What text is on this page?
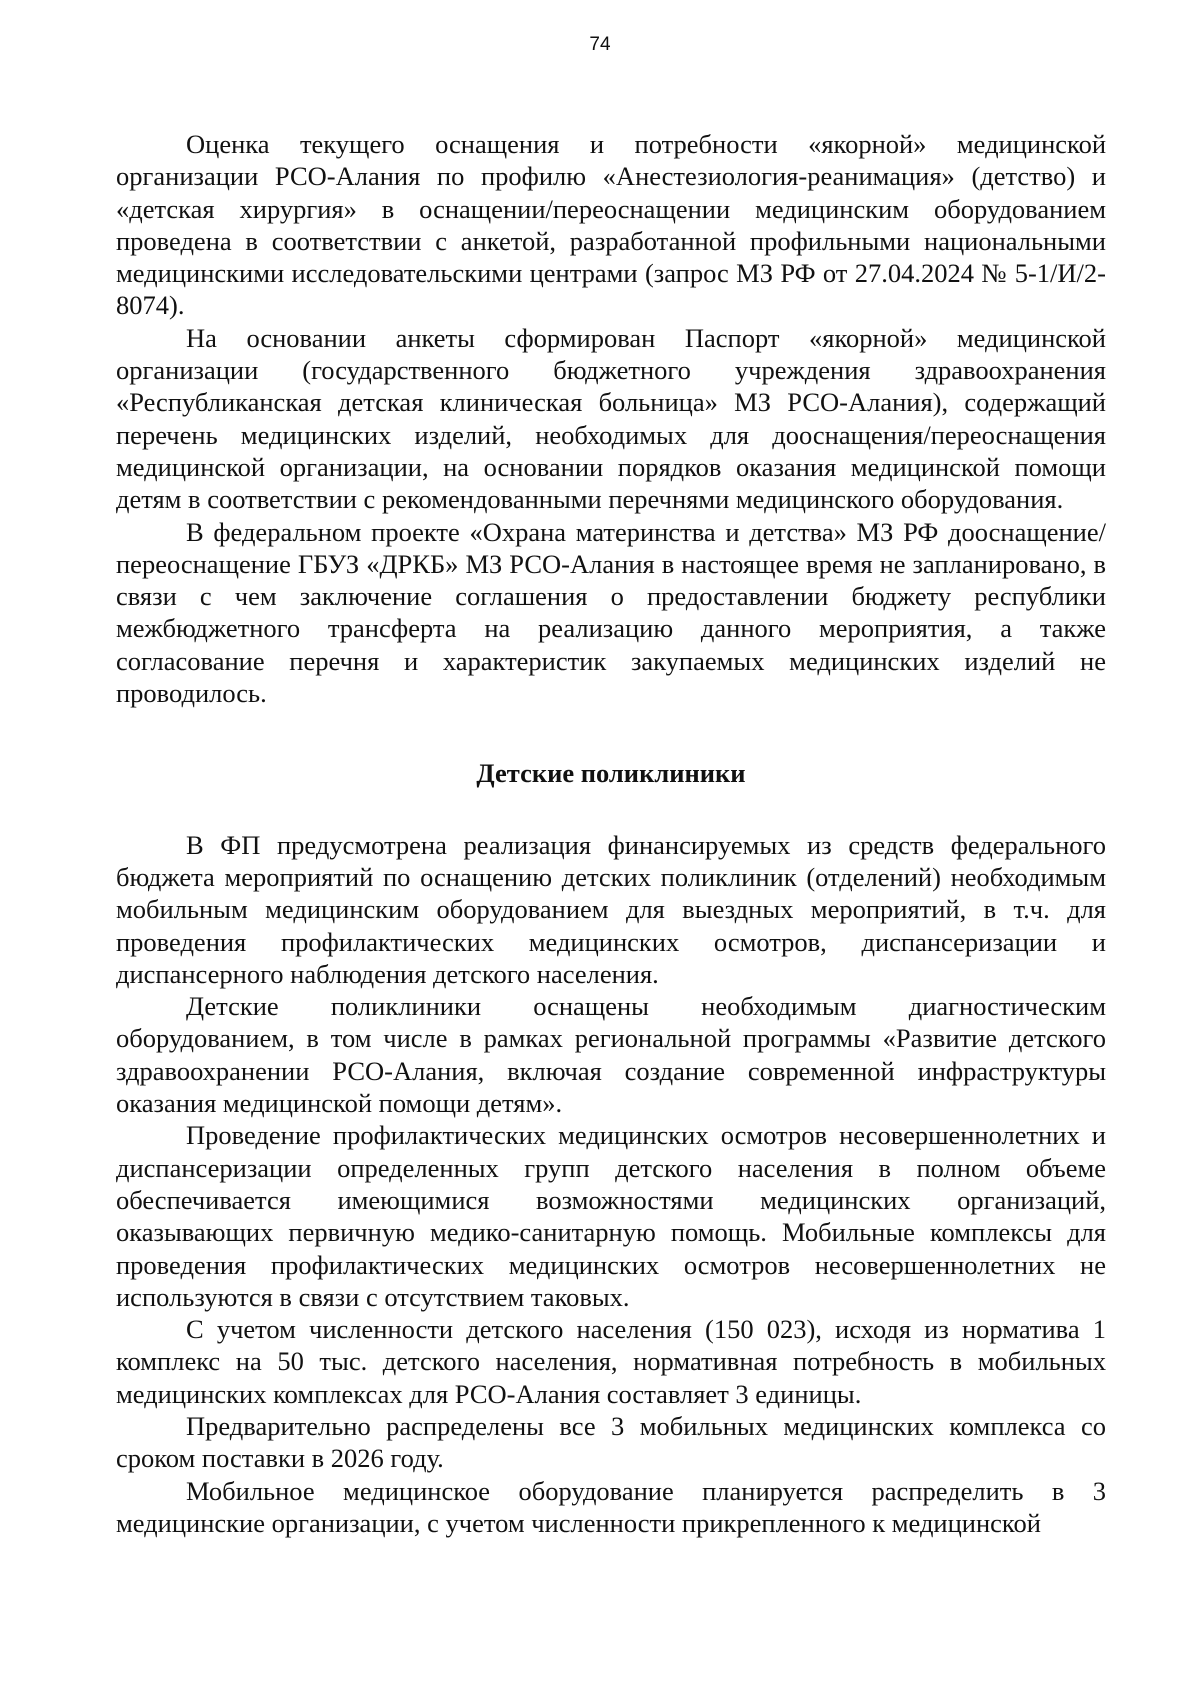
74

Оценка текущего оснащения и потребности «якорной» медицинской организации РСО-Алания по профилю «Анестезиология-реанимация» (детство) и «детская хирургия» в оснащении/переоснащении медицинским оборудованием проведена в соответствии с анкетой, разработанной профильными национальными медицинскими исследовательскими центрами (запрос МЗ РФ от 27.04.2024 № 5-1/И/2-8074).

На основании анкеты сформирован Паспорт «якорной» медицинской организации (государственного бюджетного учреждения здравоохранения «Республиканская детская клиническая больница» МЗ РСО-Алания), содержащий перечень медицинских изделий, необходимых для дооснащения/переоснащения медицинской организации, на основании порядков оказания медицинской помощи детям в соответствии с рекомендованными перечнями медицинского оборудования.

В федеральном проекте «Охрана материнства и детства» МЗ РФ дооснащение/переоснащение ГБУЗ «ДРКБ» МЗ РСО-Алания в настоящее время не запланировано, в связи с чем заключение соглашения о предоставлении бюджету республики межбюджетного трансферта на реализацию данного мероприятия, а также согласование перечня и характеристик закупаемых медицинских изделий не проводилось.

Детские поликлиники

В ФП предусмотрена реализация финансируемых из средств федерального бюджета мероприятий по оснащению детских поликлиник (отделений) необходимым мобильным медицинским оборудованием для выездных мероприятий, в т.ч. для проведения профилактических медицинских осмотров, диспансеризации и диспансерного наблюдения детского населения.

Детские поликлиники оснащены необходимым диагностическим оборудованием, в том числе в рамках региональной программы «Развитие детского здравоохранении РСО-Алания, включая создание современной инфраструктуры оказания медицинской помощи детям».

Проведение профилактических медицинских осмотров несовершеннолетних и диспансеризации определенных групп детского населения в полном объеме обеспечивается имеющимися возможностями медицинских организаций, оказывающих первичную медико-санитарную помощь. Мобильные комплексы для проведения профилактических медицинских осмотров несовершеннолетних не используются в связи с отсутствием таковых.

С учетом численности детского населения (150 023), исходя из норматива 1 комплекс на 50 тыс. детского населения, нормативная потребность в мобильных медицинских комплексах для РСО-Алания составляет 3 единицы.

Предварительно распределены все 3 мобильных медицинских комплекса со сроком поставки в 2026 году.

Мобильное медицинское оборудование планируется распределить в 3 медицинские организации, с учетом численности прикрепленного к медицинской
